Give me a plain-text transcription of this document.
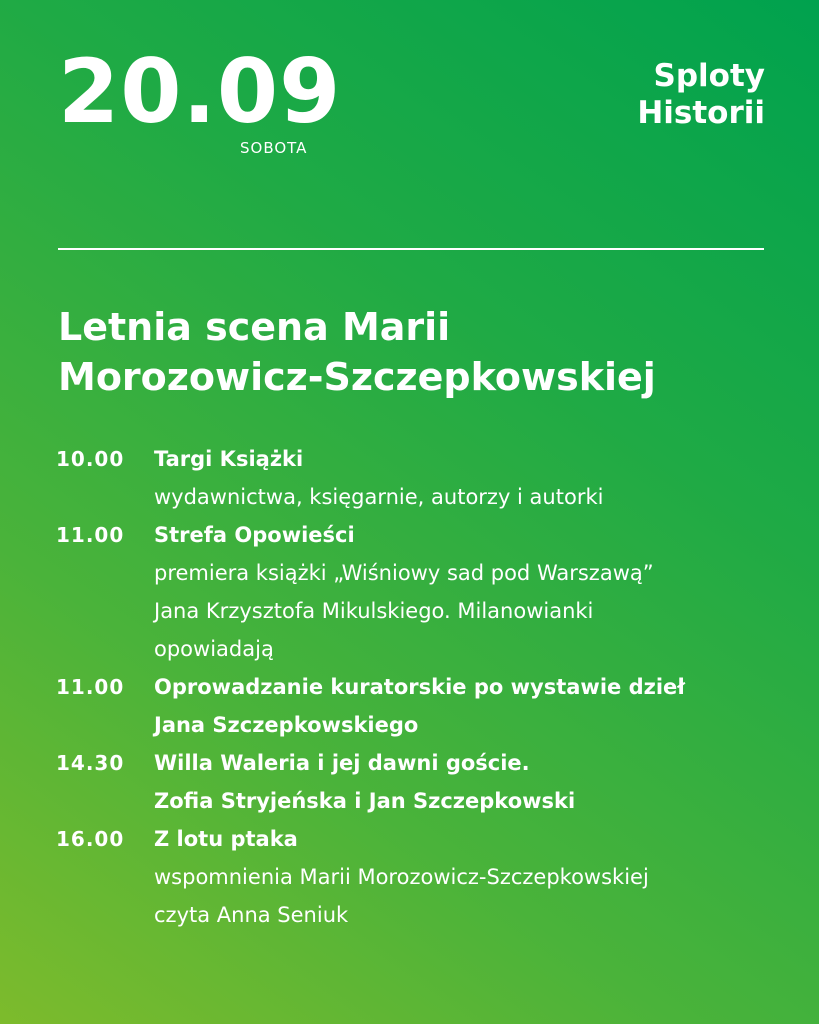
20.09
SOBOTA
Sploty
Historii
Letnia scena Marii
Morozowicz-Szczepkowskiej
10.00	Targi Książki
wydawnictwa, księgarnie, autorzy i autorki
11.00	Strefa Opowieści
premiera książki „Wiśniowy sad pod Warszawą”
Jana Krzysztofa Mikulskiego. Milanowianki
opowiadają
11.00	Oprowadzanie kuratorskie po wystawie dzieł
Jana Szczepkowskiego
14.30	Willa Waleria i jej dawni goście.
Zofia Stryjeńska i Jan Szczepkowski
16.00	Z lotu ptaka
wspomnienia Marii Morozowicz-Szczepkowskiej
czyta Anna Seniuk
